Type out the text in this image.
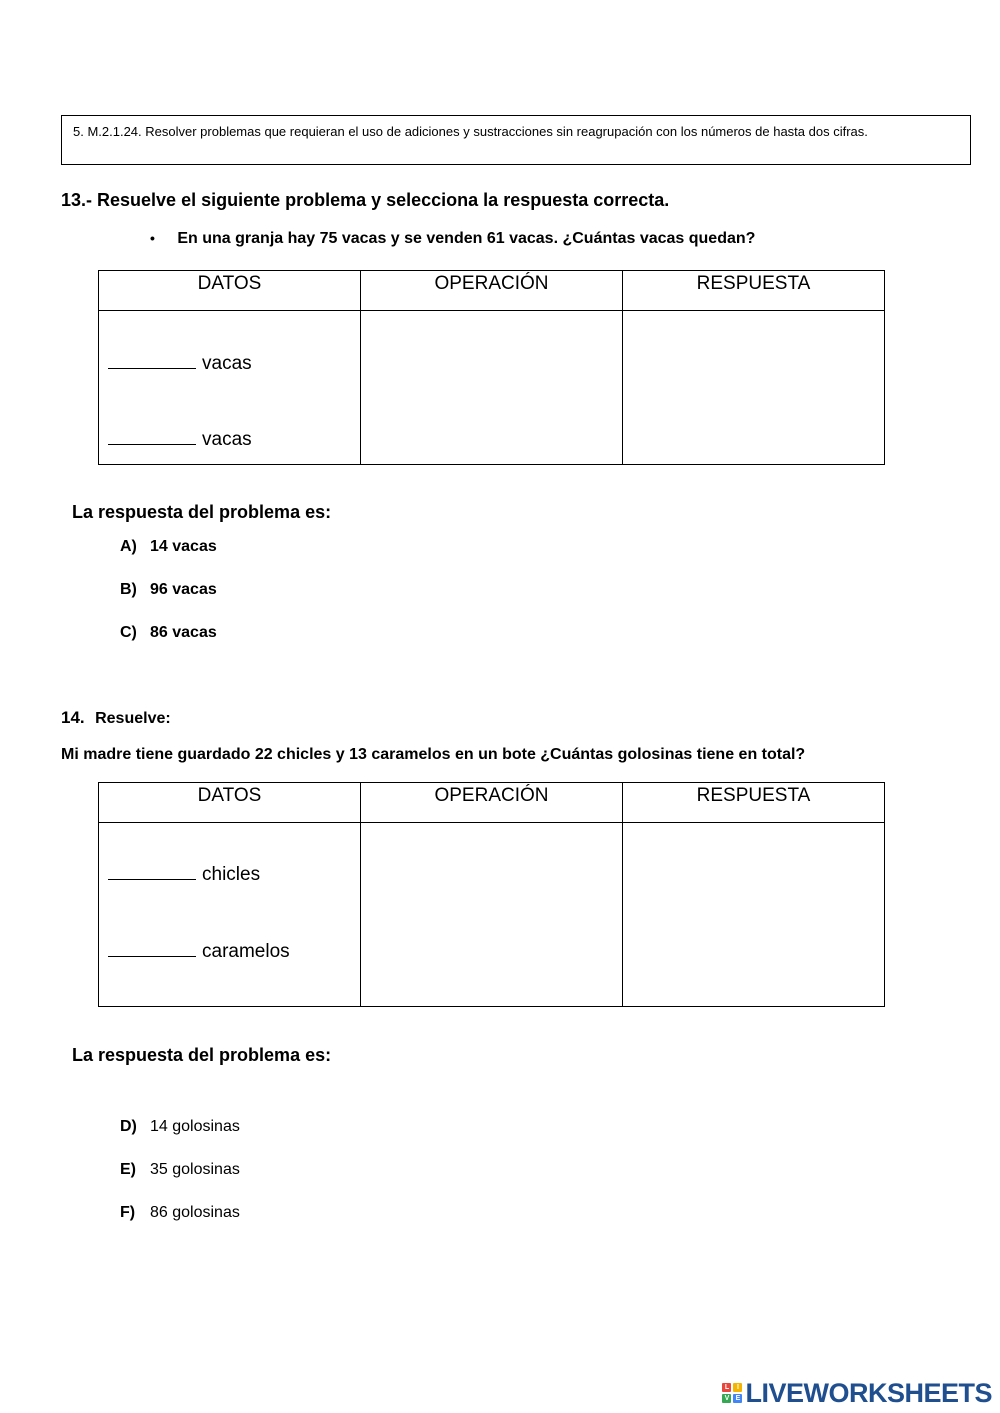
5. M.2.1.24. Resolver problemas que requieran el uso de adiciones y sustracciones sin reagrupación con los números de hasta dos cifras.
13.- Resuelve el siguiente problema y selecciona la respuesta correcta.
• En una granja hay 75 vacas y se venden 61 vacas. ¿Cuántas vacas quedan?
DATOS	OPERACIÓN	RESPUESTA

vacas
vacas		

La respuesta del problema es:
A) 14 vacas
B) 96 vacas
C) 86 vacas
14. Resuelve:
Mi madre tiene guardado 22 chicles y 13 caramelos en un bote ¿Cuántas golosinas tiene en total?
DATOS	OPERACIÓN	RESPUESTA

chicles
caramelos		

La respuesta del problema es:
D) 14 golosinas
E) 35 golosinas
F) 86 golosinas
L	I
V E LIVEWORKSHEETS
